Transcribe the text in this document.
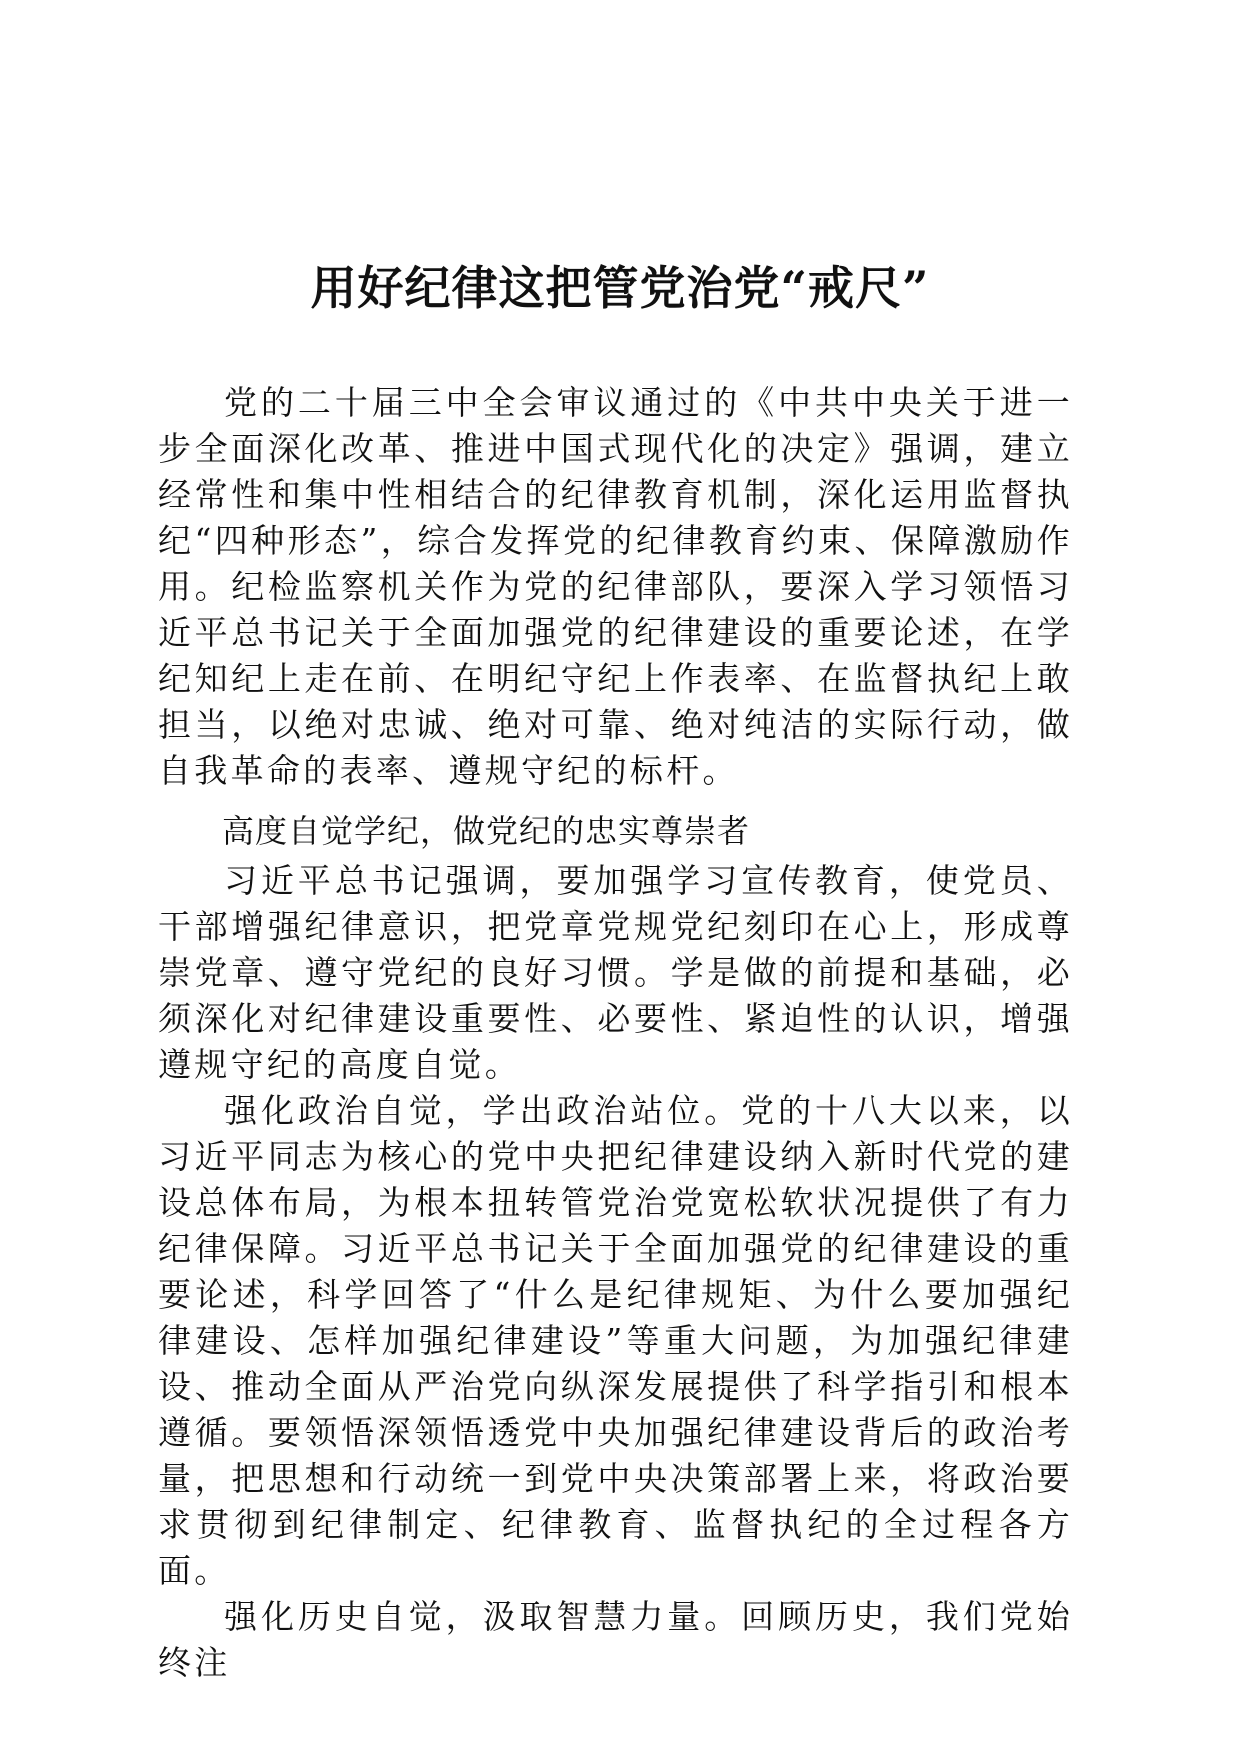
用好纪律这把管党治党“戒尺”

党的二十届三中全会审议通过的《中共中央关于进一步全面深化改革、推进中国式现代化的决定》强调，建立经常性和集中性相结合的纪律教育机制，深化运用监督执纪“四种形态”，综合发挥党的纪律教育约束、保障激励作用。纪检监察机关作为党的纪律部队，要深入学习领悟习近平总书记关于全面加强党的纪律建设的重要论述，在学纪知纪上走在前、在明纪守纪上作表率、在监督执纪上敢担当，以绝对忠诚、绝对可靠、绝对纯洁的实际行动，做自我革命的表率、遵规守纪的标杆。

高度自觉学纪，做党纪的忠实尊崇者

习近平总书记强调，要加强学习宣传教育，使党员、干部增强纪律意识，把党章党规党纪刻印在心上，形成尊崇党章、遵守党纪的良好习惯。学是做的前提和基础，必须深化对纪律建设重要性、必要性、紧迫性的认识，增强遵规守纪的高度自觉。

强化政治自觉，学出政治站位。党的十八大以来，以习近平同志为核心的党中央把纪律建设纳入新时代党的建设总体布局，为根本扭转管党治党宽松软状况提供了有力纪律保障。习近平总书记关于全面加强党的纪律建设的重要论述，科学回答了“什么是纪律规矩、为什么要加强纪律建设、怎样加强纪律建设”等重大问题，为加强纪律建设、推动全面从严治党向纵深发展提供了科学指引和根本遵循。要领悟深领悟透党中央加强纪律建设背后的政治考量，把思想和行动统一到党中央决策部署上来，将政治要求贯彻到纪律制定、纪律教育、监督执纪的全过程各方面。

强化历史自觉，汲取智慧力量。回顾历史，我们党始终注
